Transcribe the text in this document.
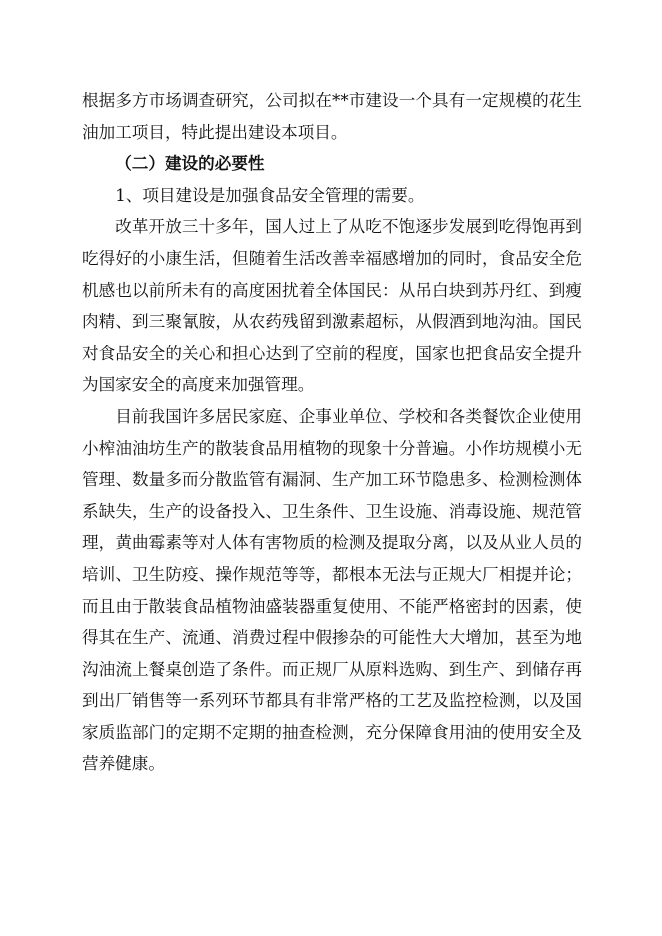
根据多方市场调查研究，公司拟在**市建设一个具有一定规模的花生油加工项目，特此提出建设本项目。

（二）建设的必要性

1、项目建设是加强食品安全管理的需要。

改革开放三十多年，国人过上了从吃不饱逐步发展到吃得饱再到吃得好的小康生活，但随着生活改善幸福感增加的同时，食品安全危机感也以前所未有的高度困扰着全体国民：从吊白块到苏丹红、到瘦肉精、到三聚氰胺，从农药残留到激素超标，从假酒到地沟油。国民对食品安全的关心和担心达到了空前的程度，国家也把食品安全提升为国家安全的高度来加强管理。

目前我国许多居民家庭、企事业单位、学校和各类餐饮企业使用小榨油油坊生产的散装食品用植物的现象十分普遍。小作坊规模小无管理、数量多而分散监管有漏洞、生产加工环节隐患多、检测检测体系缺失，生产的设备投入、卫生条件、卫生设施、消毒设施、规范管理，黄曲霉素等对人体有害物质的检测及提取分离，以及从业人员的培训、卫生防疫、操作规范等等，都根本无法与正规大厂相提并论；而且由于散装食品植物油盛装器重复使用、不能严格密封的因素，使得其在生产、流通、消费过程中假掺杂的可能性大大增加，甚至为地沟油流上餐桌创造了条件。而正规厂从原料选购、到生产、到储存再到出厂销售等一系列环节都具有非常严格的工艺及监控检测，以及国家质监部门的定期不定期的抽查检测，充分保障食用油的使用安全及营养健康。
